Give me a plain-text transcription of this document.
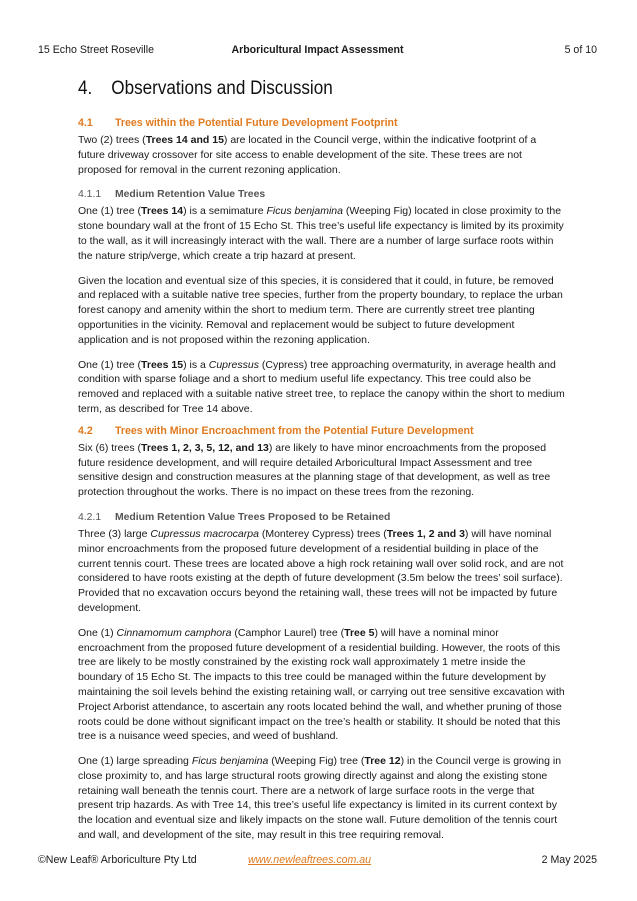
15 Echo Street Roseville	Arboricultural Impact Assessment	5 of 10
4. Observations and Discussion
4.1 Trees within the Potential Future Development Footprint

Two (2) trees (Trees 14 and 15) are located in the Council verge, within the indicative footprint of a future driveway crossover for site access to enable development of the site. These trees are not proposed for removal in the current rezoning application.

4.1.1 Medium Retention Value Trees

One (1) tree (Trees 14) is a semimature Ficus benjamina (Weeping Fig) located in close proximity to the stone boundary wall at the front of 15 Echo St. This tree’s useful life expectancy is limited by its proximity to the wall, as it will increasingly interact with the wall. There are a number of large surface roots within the nature strip/verge, which create a trip hazard at present.

Given the location and eventual size of this species, it is considered that it could, in future, be removed and replaced with a suitable native tree species, further from the property boundary, to replace the urban forest canopy and amenity within the short to medium term. There are currently street tree planting opportunities in the vicinity. Removal and replacement would be subject to future development application and is not proposed within the rezoning application.

One (1) tree (Trees 15) is a Cupressus (Cypress) tree approaching overmaturity, in average health and condition with sparse foliage and a short to medium useful life expectancy. This tree could also be removed and replaced with a suitable native street tree, to replace the canopy within the short to medium term, as described for Tree 14 above.

4.2 Trees with Minor Encroachment from the Potential Future Development

Six (6) trees (Trees 1, 2, 3, 5, 12, and 13) are likely to have minor encroachments from the proposed future residence development, and will require detailed Arboricultural Impact Assessment and tree sensitive design and construction measures at the planning stage of that development, as well as tree protection throughout the works. There is no impact on these trees from the rezoning.

4.2.1 Medium Retention Value Trees Proposed to be Retained

Three (3) large Cupressus macrocarpa (Monterey Cypress) trees (Trees 1, 2 and 3) will have nominal minor encroachments from the proposed future development of a residential building in place of the current tennis court. These trees are located above a high rock retaining wall over solid rock, and are not considered to have roots existing at the depth of future development (3.5m below the trees’ soil surface). Provided that no excavation occurs beyond the retaining wall, these trees will not be impacted by future development.

One (1) Cinnamomum camphora (Camphor Laurel) tree (Tree 5) will have a nominal minor encroachment from the proposed future development of a residential building. However, the roots of this tree are likely to be mostly constrained by the existing rock wall approximately 1 metre inside the boundary of 15 Echo St. The impacts to this tree could be managed within the future development by maintaining the soil levels behind the existing retaining wall, or carrying out tree sensitive excavation with Project Arborist attendance, to ascertain any roots located behind the wall, and whether pruning of those roots could be done without significant impact on the tree’s health or stability. It should be noted that this tree is a nuisance weed species, and weed of bushland.

One (1) large spreading Ficus benjamina (Weeping Fig) tree (Tree 12) in the Council verge is growing in close proximity to, and has large structural roots growing directly against and along the existing stone retaining wall beneath the tennis court. There are a network of large surface roots in the verge that present trip hazards. As with Tree 14, this tree’s useful life expectancy is limited in its current context by the location and eventual size and likely impacts on the stone wall. Future demolition of the tennis court and wall, and development of the site, may result in this tree requiring removal.

©New Leaf® Arboriculture Pty Ltd	www.newleaftrees.com.au	2 May 2025
